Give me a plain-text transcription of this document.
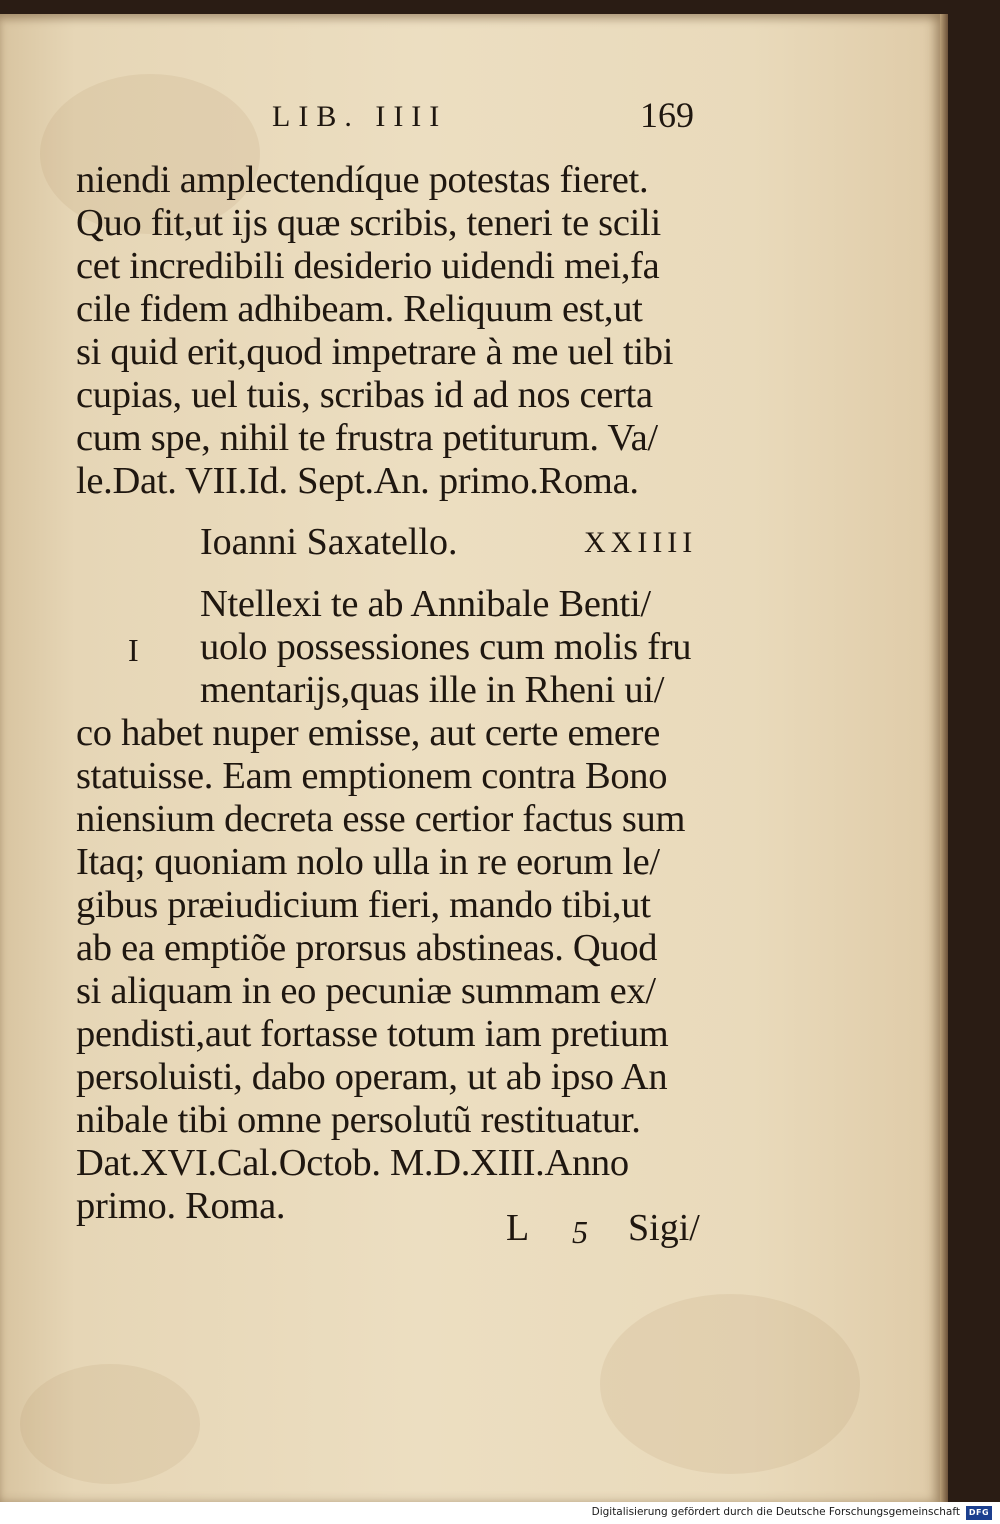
LIB. IIII	169
niendi amplectendíque potestas fieret.
Quo fit,ut ijs quæ scribis, teneri te scili
cet incredibili desiderio uidendi mei,fa
cile fidem adhibeam. Reliquum est,ut
si quid erit,quod impetrare à me uel tibi
cupias, uel tuis, scribas id ad nos certa
cum spe, nihil te frustra petiturum. Va/
le.Dat. VII.Id. Sept.An. primo.Roma.
Ioanni Saxatello.	XXIIII
I
Ntellexi te ab Annibale Benti/
uolo possessiones cum molis fru
mentarijs,quas ille in Rheni ui/
co habet nuper emisse, aut certe emere
statuisse. Eam emptionem contra Bono
niensium decreta esse certior factus sum
Itaq; quoniam nolo ulla in re eorum le/
gibus præiudicium fieri, mando tibi,ut
ab ea emptiõe prorsus abstineas. Quod
si aliquam in eo pecuniæ summam ex/
pendisti,aut fortasse totum iam pretium
persoluisti, dabo operam, ut ab ipso An
nibale tibi omne persolutũ restituatur.
Dat.XVI.Cal.Octob. M.D.XIII.Anno
primo. Roma.
L 5 Sigi/
Digitalisierung gefördert durch die Deutsche Forschungsgemeinschaft	DFG
